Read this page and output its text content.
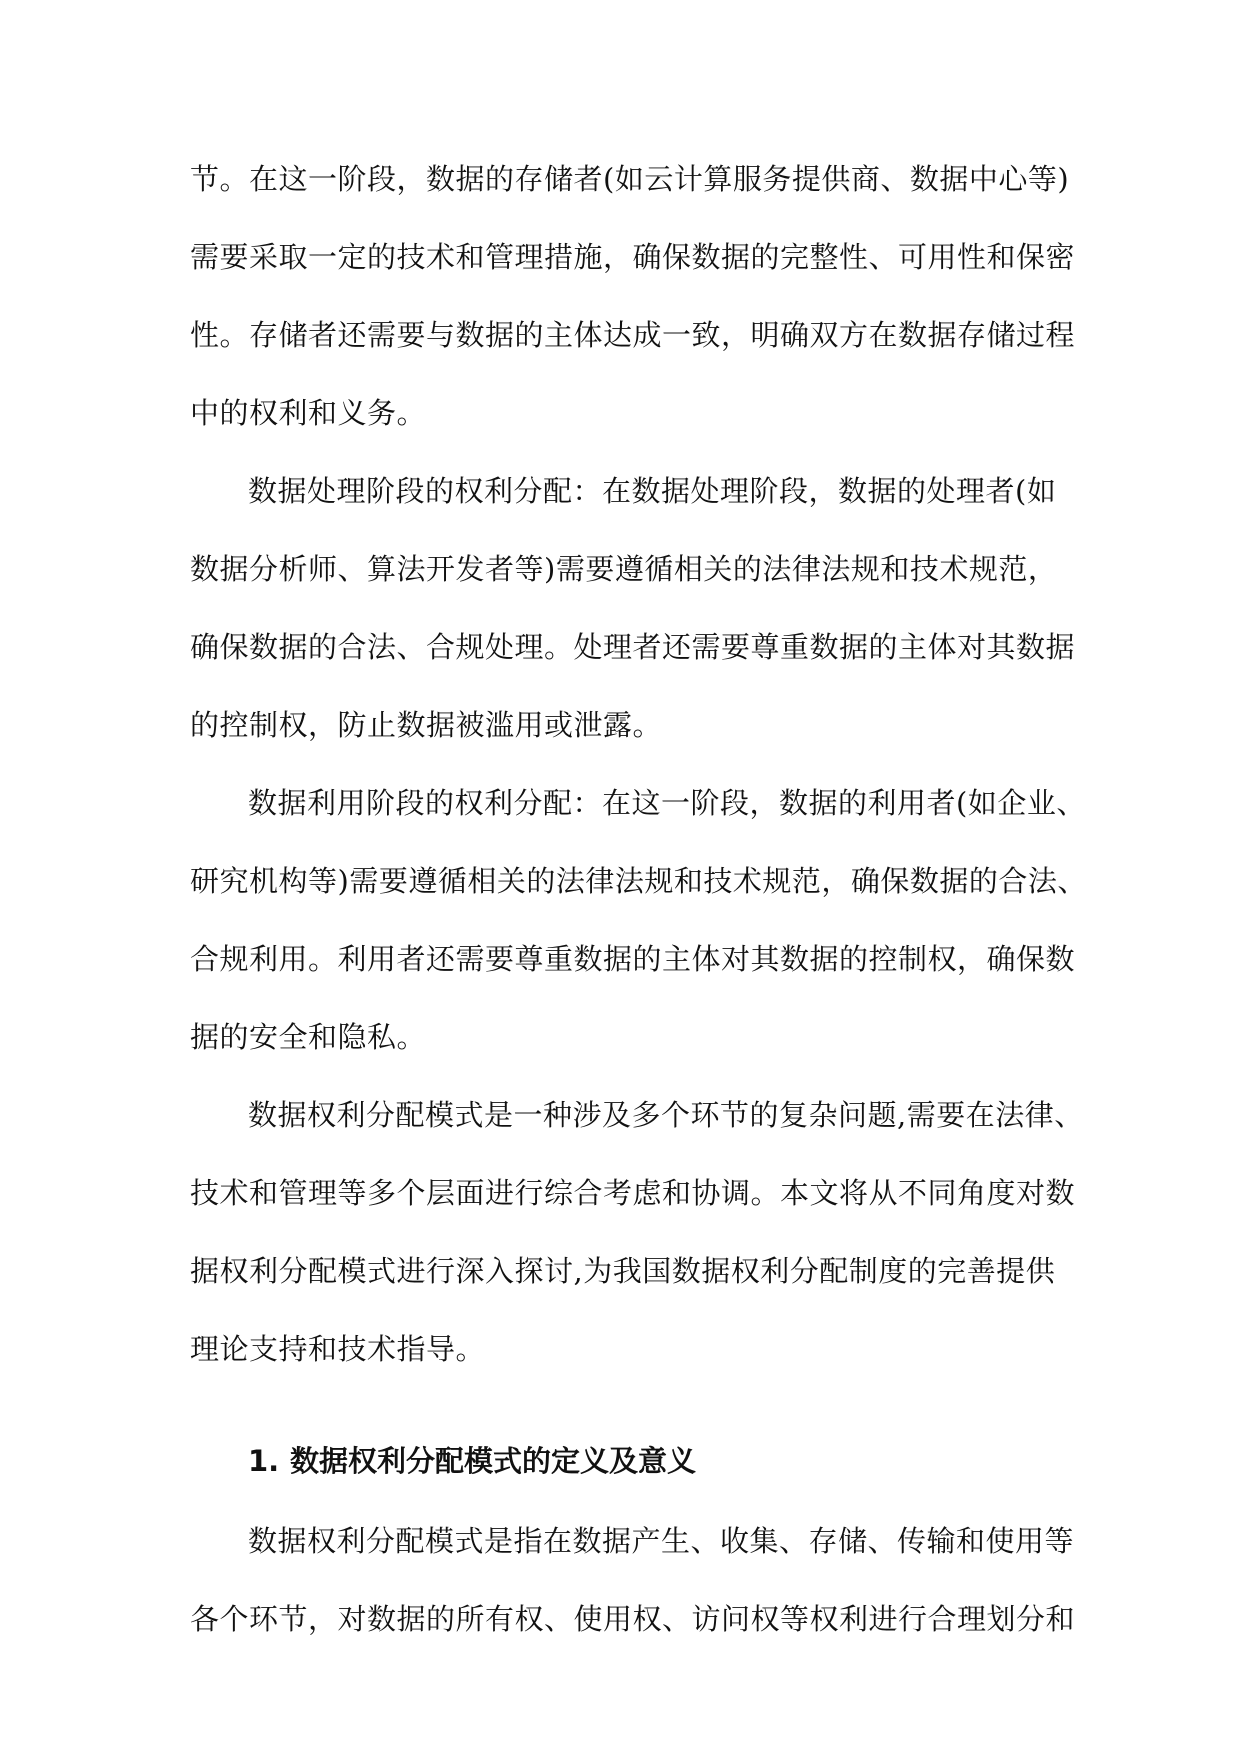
节。在这一阶段，数据的存储者(如云计算服务提供商、数据中心等)
需要采取一定的技术和管理措施，确保数据的完整性、可用性和保密
性。存储者还需要与数据的主体达成一致，明确双方在数据存储过程
中的权利和义务。

数据处理阶段的权利分配：在数据处理阶段，数据的处理者(如
数据分析师、算法开发者等)需要遵循相关的法律法规和技术规范，
确保数据的合法、合规处理。处理者还需要尊重数据的主体对其数据
的控制权，防止数据被滥用或泄露。

数据利用阶段的权利分配：在这一阶段，数据的利用者(如企业、
研究机构等)需要遵循相关的法律法规和技术规范，确保数据的合法、
合规利用。利用者还需要尊重数据的主体对其数据的控制权，确保数
据的安全和隐私。

数据权利分配模式是一种涉及多个环节的复杂问题,需要在法律、
技术和管理等多个层面进行综合考虑和协调。本文将从不同角度对数
据权利分配模式进行深入探讨,为我国数据权利分配制度的完善提供
理论支持和技术指导。

1. 数据权利分配模式的定义及意义

数据权利分配模式是指在数据产生、收集、存储、传输和使用等
各个环节，对数据的所有权、使用权、访问权等权利进行合理划分和
